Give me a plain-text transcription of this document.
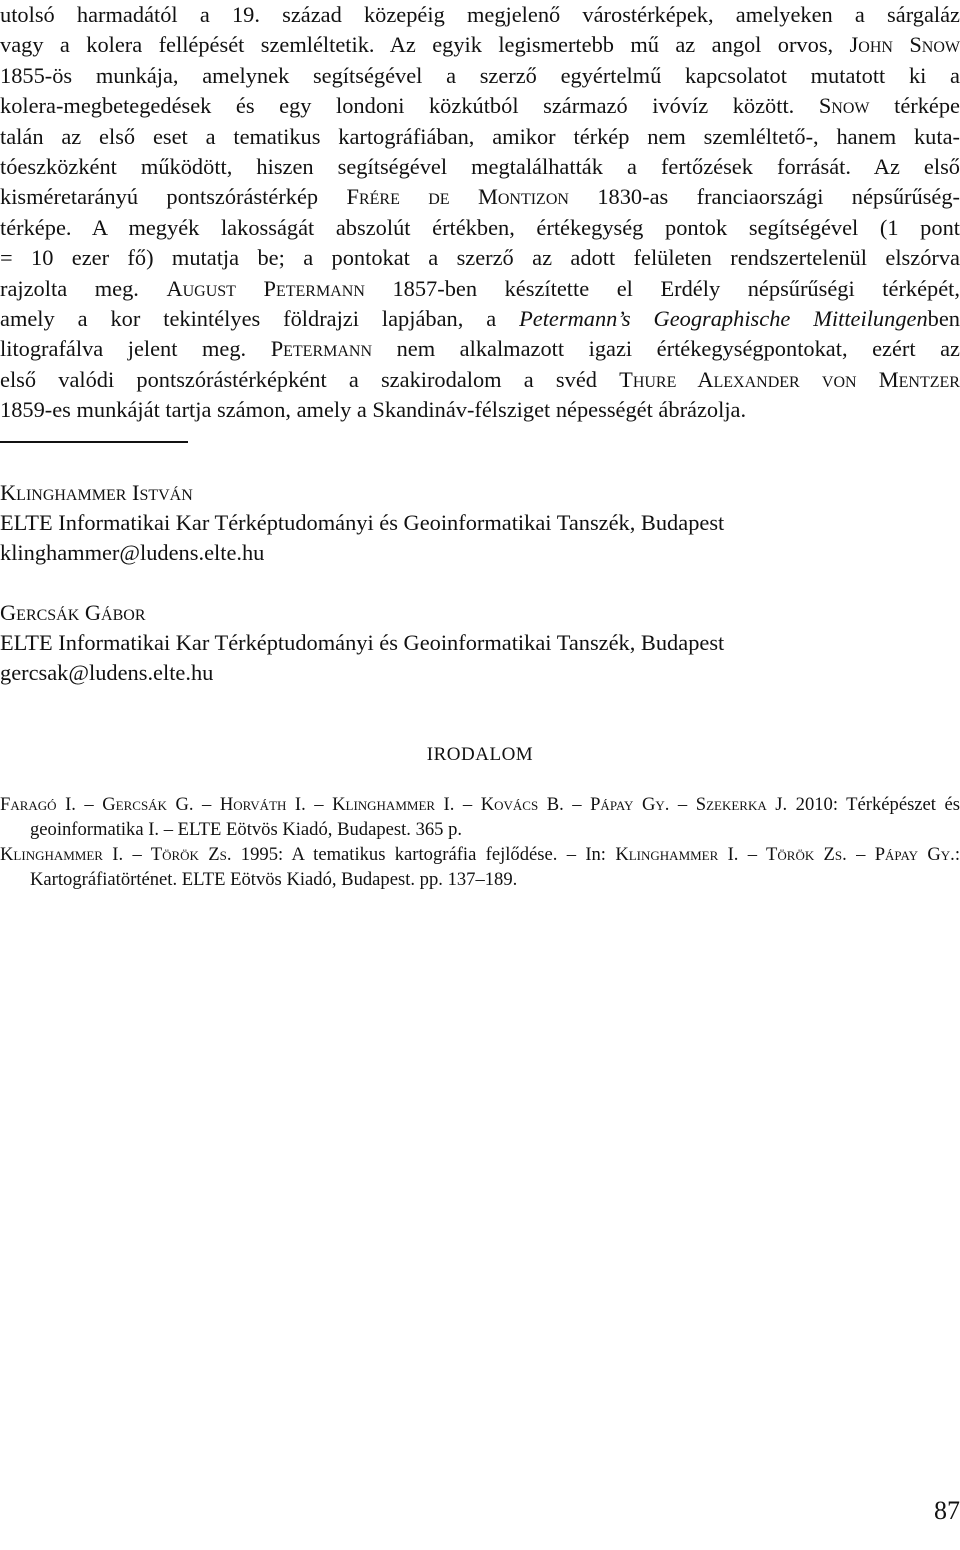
utolsó harmadától a 19. század közepéig megjelenő várostérképek, amelyeken a sárgaláz
vagy a kolera fellépését szemléltetik. Az egyik legismertebb mű az angol orvos, John Snow
1855-ös munkája, amelynek segítségével a szerző egyértelmű kapcsolatot mutatott ki a
kolera-megbetegedések és egy londoni közkútból származó ivóvíz között. Snow térképe
talán az első eset a tematikus kartográfiában, amikor térkép nem szemléltető-, hanem kuta-
tóeszközként működött, hiszen segítségével megtalálhatták a fertőzések forrását. Az első
kisméretarányú pontszórástérkép Frére de Montizon 1830-as franciaországi népsűrűség-
térképe. A megyék lakosságát abszolút értékben, értékegység pontok segítségével (1 pont
= 10 ezer fő) mutatja be; a pontokat a szerző az adott felületen rendszertelenül elszórva
rajzolta meg. August Petermann 1857-ben készítette el Erdély népsűrűségi térképét,
amely a kor tekintélyes földrajzi lapjában, a Petermann’s Geographische Mitteilungenben
litografálva jelent meg. Petermann nem alkalmazott igazi értékegységpontokat, ezért az
első valódi pontszórástérképként a szakirodalom a svéd Thure Alexander von Mentzer
1859-es munkáját tartja számon, amely a Skandináv-félsziget népességét ábrázolja.
Klinghammer István
ELTE Informatikai Kar Térképtudományi és Geoinformatikai Tanszék, Budapest
klinghammer@ludens.elte.hu
Gercsák Gábor
ELTE Informatikai Kar Térképtudományi és Geoinformatikai Tanszék, Budapest
gercsak@ludens.elte.hu
IRODALOM
Faragó I. – Gercsák G. – Horváth I. – Klinghammer I. – Kovács B. – Pápay Gy. – Szekerka J. 2010: Térképészet és geoinformatika I. – ELTE Eötvös Kiadó, Budapest. 365 p.
Klinghammer I. – Török Zs. 1995: A tematikus kartográfia fejlődése. – In: Klinghammer I. – Török Zs. – Pápay Gy.: Kartográfiatörténet. ELTE Eötvös Kiadó, Budapest. pp. 137–189.
87
